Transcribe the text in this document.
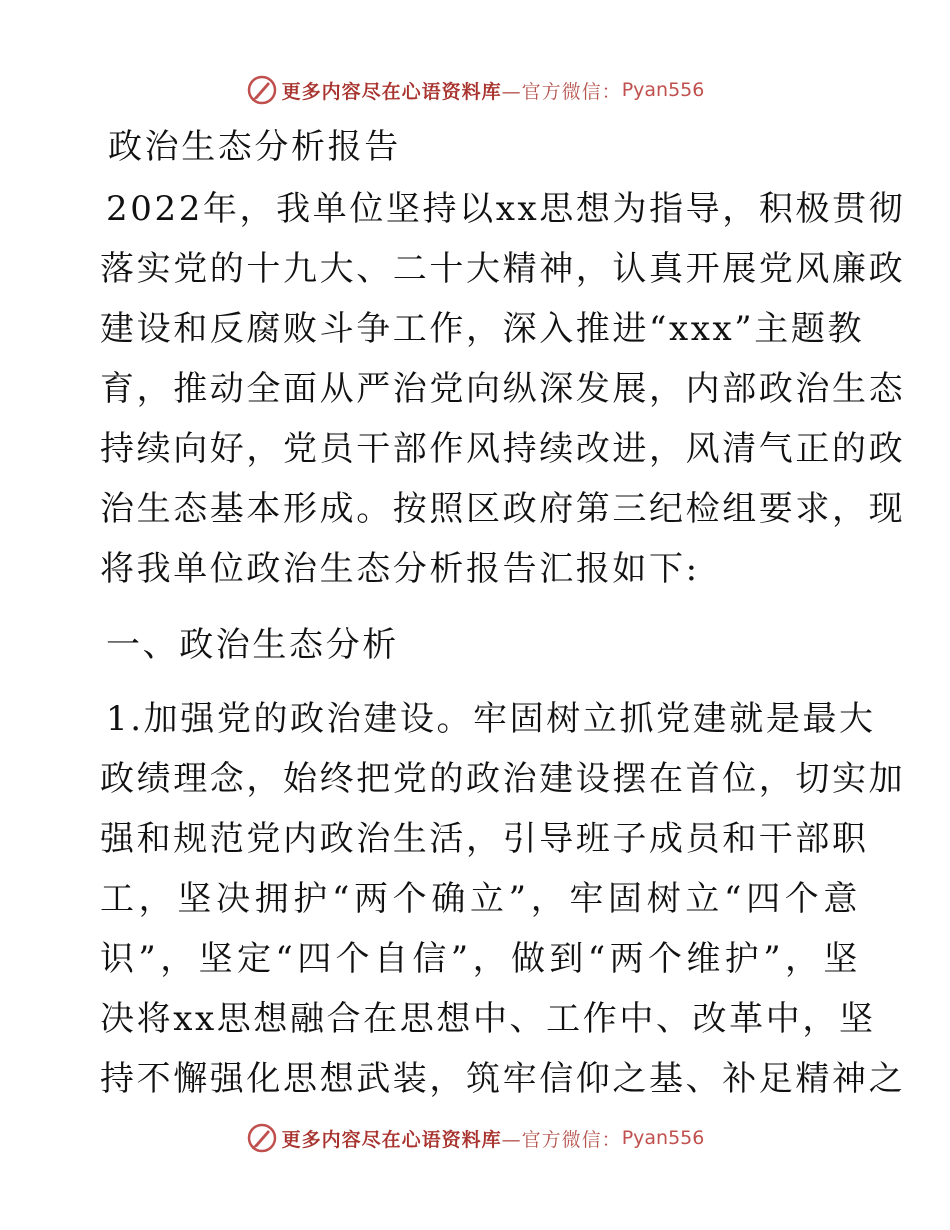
更多内容尽在心语资料库 —官方微信： Pyan556
政治生态分析报告
2022年，我单位坚持以xx思想为指导，积极贯彻
落实党的十九大、二十大精神，认真开展党风廉政
建设和反腐败斗争工作，深入推进“xxx”主题教
育，推动全面从严治党向纵深发展，内部政治生态
持续向好，党员干部作风持续改进，风清气正的政
治生态基本形成。按照区政府第三纪检组要求，现
将我单位政治生态分析报告汇报如下:
一、政治生态分析
1.加强党的政治建设。牢固树立抓党建就是最大
政绩理念，始终把党的政治建设摆在首位，切实加
强和规范党内政治生活，引导班子成员和干部职
工，坚决拥护“两个确立”，牢固树立“四个意
识”，坚定“四个自信”，做到“两个维护”，坚
决将xx思想融合在思想中、工作中、改革中，坚
持不懈强化思想武装，筑牢信仰之基、补足精神之
更多内容尽在心语资料库 —官方微信： Pyan556
